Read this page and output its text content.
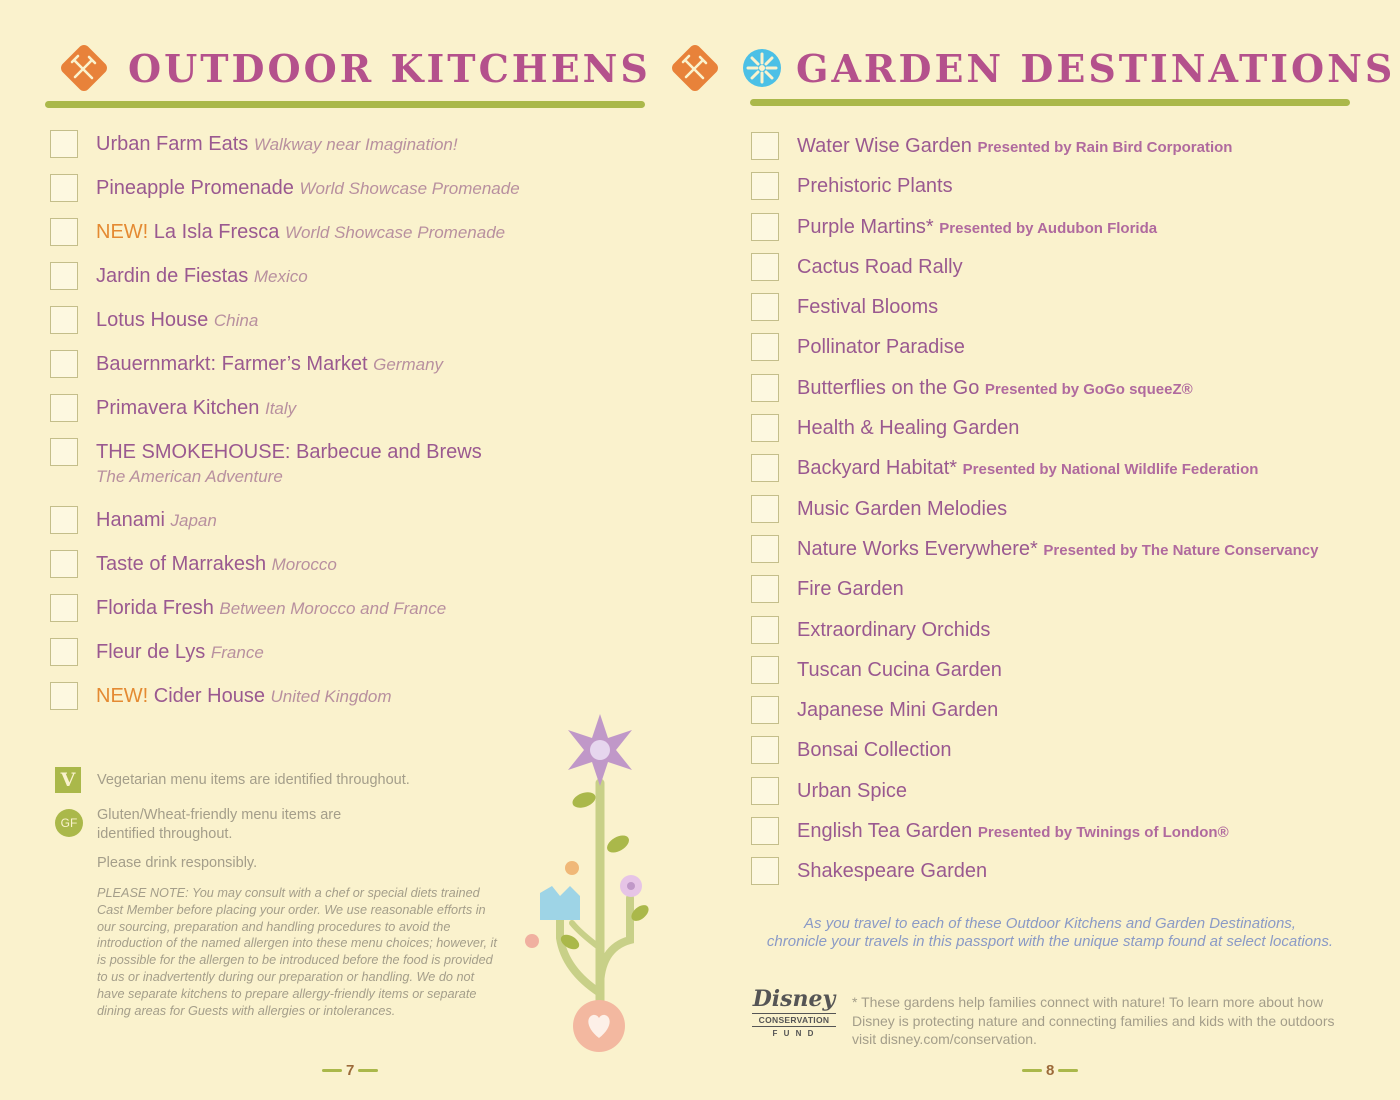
OUTDOOR KITCHENS
Urban Farm Eats Walkway near Imagination!
Pineapple Promenade World Showcase Promenade
NEW! La Isla Fresca World Showcase Promenade
Jardin de Fiestas Mexico
Lotus House China
Bauernmarkt: Farmer’s Market Germany
Primavera Kitchen Italy
THE SMOKEHOUSE: Barbecue and Brews
The American Adventure
Hanami Japan
Taste of Marrakesh Morocco
Florida Fresh Between Morocco and France
Fleur de Lys France
NEW! Cider House United Kingdom
V	Vegetarian menu items are identified throughout.
GF	Gluten/Wheat-friendly menu items are
identified throughout.
Please drink responsibly.
PLEASE NOTE: You may consult with a chef or special diets trained Cast Member before placing your order. We use reasonable efforts in our sourcing, preparation and handling procedures to avoid the introduction of the named allergen into these menu choices; however, it is possible for the allergen to be introduced before the food is provided to us or inadvertently during our preparation or handling. We do not have separate kitchens to prepare allergy-friendly items or separate dining areas for Guests with allergies or intolerances.
7
GARDEN DESTINATIONS
Water Wise Garden Presented by Rain Bird Corporation
Prehistoric Plants
Purple Martins* Presented by Audubon Florida
Cactus Road Rally
Festival Blooms
Pollinator Paradise
Butterflies on the Go Presented by GoGo squeeZ®
Health & Healing Garden
Backyard Habitat* Presented by National Wildlife Federation
Music Garden Melodies
Nature Works Everywhere* Presented by The Nature Conservancy
Fire Garden
Extraordinary Orchids
Tuscan Cucina Garden
Japanese Mini Garden
Bonsai Collection
Urban Spice
English Tea Garden Presented by Twinings of London®
Shakespeare Garden
8
As you travel to each of these Outdoor Kitchens and Garden Destinations,
chronicle your travels in this passport with the unique stamp found at select locations.
Disney
CONSERVATION
F U N D
* These gardens help families connect with nature! To learn more about how
Disney is protecting nature and connecting families and kids with the outdoors
visit disney.com/conservation.
